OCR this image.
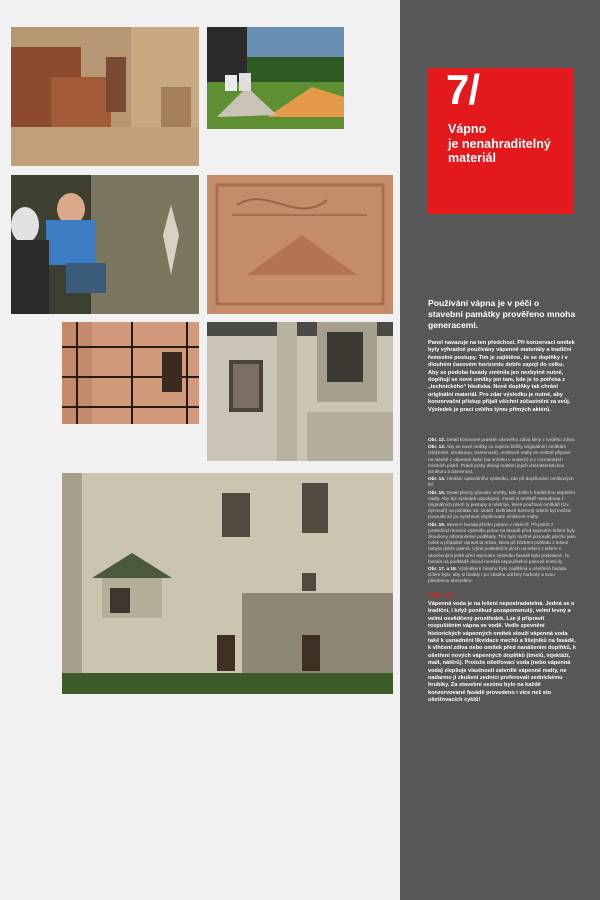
7/
Vápno
je nenahraditelný
materiál
Používání vápna je v péči o stavební památky prověřeno mnoha generacemi.
Panel navazuje na ten předchozí. Při konzervaci omítek byly výhradně používány vápenné materiály a tradiční řemeslné postupy. Tím je zajištěno, že se doplňky i v dlouhém časovém horizontu dobře zapojí do celku. Aby se podoba fasády změnila jen nezbytně nutně, doplňují se nové omítky jen tam, kde je to potřeba z „technického“ hlediska. Nové doplňky tak chrání originální materiál. Pro zdar výsledku je nutné, aby konzervační přístup přijali všichni zúčastnění za svůj. Výsledek je prací celého týmu přímých aktérů.

Obr. 12. Detail kónované prasklin okrového zdiva kliny z tvrdého zdiva.

Obr. 13. Aby se nové omítky co nejvíce blížily originálním omítkám (složením, strukturou, barevností), omítkové malty se místně připraví na stavbě z vápenné kaše (na snímku v sudech) a z rozmanitých místních písků. Právě písky dávají maltám jejich charakteristickou strukturu a barevnost.

Obr. 14. Hledání optimálního výsledku, zde při doplňování omítkových šťí.

Obr. 15. Detail plochy původní omítky, kde došlo k tradičnímu doplnění malty. Aby byl výsledek uspokojivý, musel si omítkář nastudovat z originálních ploch ty postupy a nástroje, které používali omítkáři (tzv. dynosaři) na počátku 16. století. Definitivní barevný odstín byl možné posoudit až po vyschnutí doplňované omítkové malty.

Obr. 16. Severní fasáda jižního paláce v nádvoří. Při jedné z posledních kontrol výsledku práce na fasádě před sejmutím lešení byly zkoušeny odstranitelné podklady. Tím bylo možné posoudit plochu jako celek a případně upravit ta místa, která při blízkém pohledu z lešení nebyla dobře patrná. Újmě posledních ploch na lešení z lešení s ukončenými ještě před sejmutím výsledku fasádě bylo podstatné, že fasáda na podkladě dosud neměla nepoužitelné patrové kontroly.

Obr. 17. a 18. Výsledkem zásahu bylo zajištěná a ošetřená fasáda. Cílem bylo, aby si fasády i po zásahu udržely hodnoty a svou působivou atmosféru.

Vím, kdy
Vápenná voda je na lešení nepostradatelná. Jedná se o tradiční, i když poněkud pozapomenutý, velmi levný a velmi osvědčený prostředek. Lze ji připravit rozpuštěním vápna ve vodě. Vedle zpevnění historických vápenných omítek slouží vápenná voda také k usnadnění likvidace mechů a lišejníků na fasádě, k vlhčení zdiva nebo omítek před nanášením doplňků, k ošetření nových vápenných doplňků (tmelů, injektáží, malt, nátěrů). Protože ošetřovací voda (nebo vápenná voda) zlepšuje vlastnosti zatvrdlé vápenné malty, ne nadarmo ji zkušení zedníci preferovali zednickému hrubiky. Za stavební sezónu bylo na každé konzervované fasádě provedeno i více než sto ošetřovacích cyklů!
